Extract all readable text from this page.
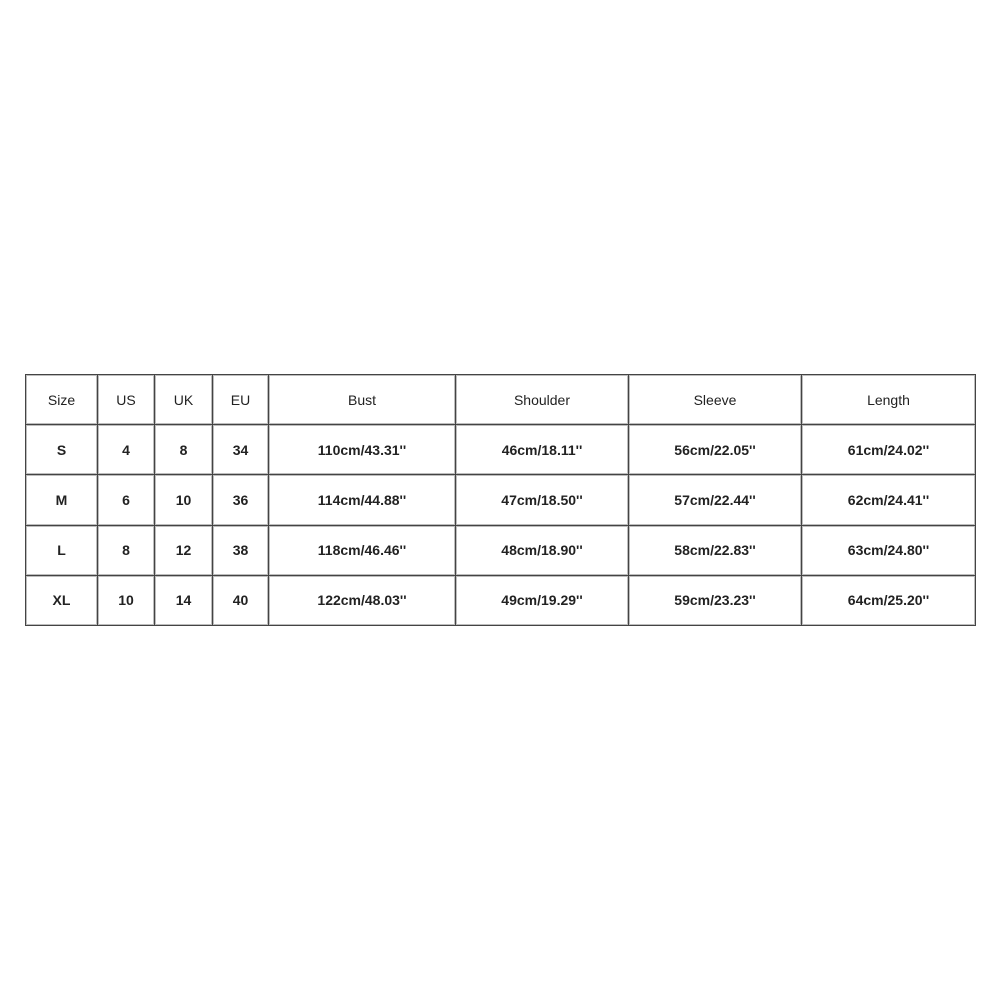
Size	US	UK	EU	Bust	Shoulder	Sleeve	Length
S	4	8	34	110cm/43.31''	46cm/18.11''	56cm/22.05''	61cm/24.02''
M	6	10	36	114cm/44.88''	47cm/18.50''	57cm/22.44''	62cm/24.41''
L	8	12	38	118cm/46.46''	48cm/18.90''	58cm/22.83''	63cm/24.80''
XL	10	14	40	122cm/48.03''	49cm/19.29''	59cm/23.23''	64cm/25.20''
